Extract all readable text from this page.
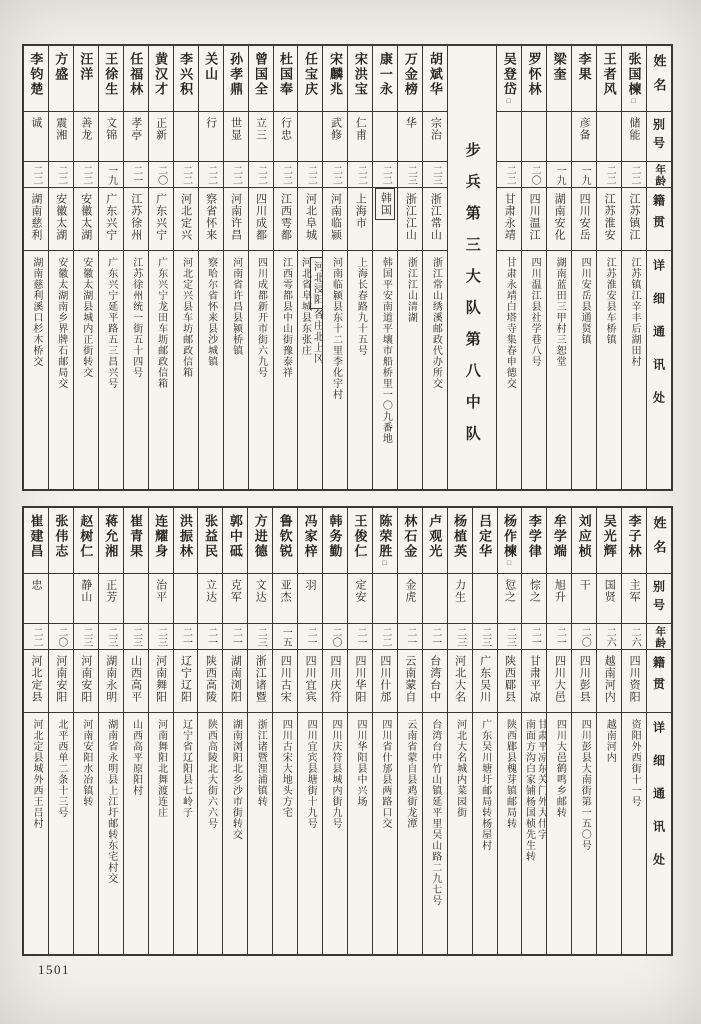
姓名
别号
年龄
籍贯
详细通讯处
张国楝□
储能
二二
江苏镇江
江苏镇江辛丰后湖田村
王者风
二二
江苏淮安
江苏淮安县车桥镇
李果
彦备
一九
四川安岳
四川安岳县通贤镇
梁奎
一九
湖南安化
湖南蓝田三甲村三恕堂
罗怀林
二〇
四川温江
四川温江县社学巷八号
吴登岱□
二二
甘肃永靖
甘肃永靖白塔寺集春申德交
步兵第三大队第八中队
胡斌华
宗治
二三
浙江常山
浙江常山绣溪邮政代办所交
万金榜
华
二三
浙江江山
浙江江山清湖
康一永
二二
韩国
韩国平安南道平壤市船桥里一〇九番地
宋洪宝
仁甫
二二
上海市
上海长春路九十五号
宋麟兆
武修
二二
河南临颍
河南临颍县东十二里李化宇村
任宝庆
二二
河北阜城
河北浸阳各庄北上冈
河北省阜城县东张庄
杜国奉
行忠
二二
江西雩都
江西雩都县中山街豫泰祥
曾国全
立三
二二
四川成都
四川成都新开市街六九号
孙孝鼎
世显
二二
河南许昌
河南省许昌县颍桥镇
关山
行
二二
察省怀来
察哈尔省怀来县沙城镇
李兴积
二二
河北定兴
河北定兴县车坊邮政信箱
黄汉才
正新
二〇
广东兴宁
广东兴宁龙田车坜邮政信箱
任福林
孝亭
二一
江苏徐州
江苏徐州统一街五十四号
王徐生
文锦
一九
广东兴宁
广东兴宁延平路五三昌兴号
汪洋
善龙
二二
安徽太湖
安徽太湖县城内正街转交
方盛
震湘
二二
安徽太湖
安徽太湖南乡界牌石邮局交
李钧楚
诚
二二
湖南慈利
湖南慈利溪口杉木桥交
姓名
别号
年龄
籍贯
详细通讯处
李子林
主军
二六
四川资阳
资阳外西街十一号
吴光辉
国贤
二六
越南河内
越南河内
刘应桢
干
二〇
四川彭县
四川彭县大南街第一五〇号
牟学端
旭升
二一
四川大邑
四川大邑鹤鸣乡邮转
李学律
悰之
二一
甘肃平凉
甘肃平凉东关门外大什字
南面方沟白家铺杨国桢先生转
杨作楝□
愆之
二三
陕西郿县
陕西郿县槐芽镇邮局转
吕定华
二三
广东吴川
广东吴川塘圩邮局转杨屋村
杨植英
力生
二三
河北大名
河北大名城内菜园街
卢观光
二一
台湾台中
台湾台中竹山镇延平里吴山路二九七号
林石金
金虎
二一
云南蒙自
云南省蒙自县鸡街龙潭
陈荣胜□
二二
四川什邡
四川省什邡县两路口交
王俊仁
定安
二一
四川华阳
四川华阳县中兴场
韩务勤
二〇
四川庆符
四川庆符县城内街九号
冯家梓
羽
二一
四川宜宾
四川宜宾县塘街十九号
鲁钦锐
亚杰
一五
四川古宋
四川古宋大地头方宅
方进德
文达
二三
浙江诸暨
浙江诸暨浬浦镇转
郭中砥
克军
二一
湖南浏阳
湖南浏阳北乡沙市街转交
张益民
立达
二一
陕西高陵
陕西高陵北大街六六号
洪振林
二一
辽宁辽阳
辽宁省辽阳县七岭子
连耀身
治平
二三
河南舞阳
河南舞阳北舞渡连庄
崔青果
二三
山西高平
山西高平原阳村
蒋允湘
正芳
二三
湖南永明
湖南省永明县上江圩邮转东宅村交
赵树仁
静山
二三
河南安阳
河南安阳水冶镇转
张伟志
二〇
河南安阳
北平西单二条十三号
崔建昌
忠
二二
河北定县
河北定县城外西王吕村
1501
